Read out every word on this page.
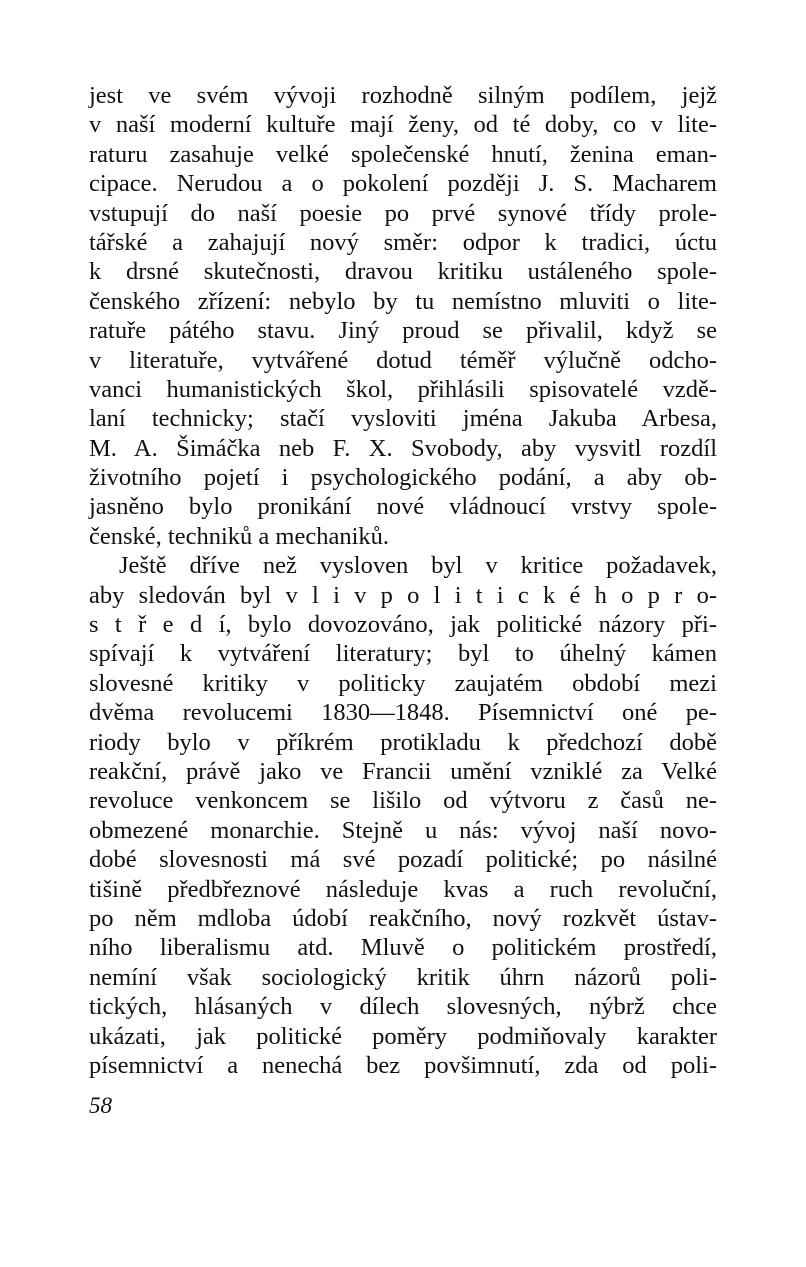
jest ve svém vývoji rozhodně silným podílem, jejž
v naší moderní kultuře mají ženy, od té doby, co v lite-
raturu zasahuje velké společenské hnutí, ženina eman-
cipace. Nerudou a o pokolení později J. S. Macharem
vstupují do naší poesie po prvé synové třídy prole-
tářské a zahajují nový směr: odpor k tradici, úctu
k drsné skutečnosti, dravou kritiku ustáleného spole-
čenského zřízení: nebylo by tu nemístno mluviti o lite-
ratuře pátého stavu. Jiný proud se přivalil, když se
v literatuře, vytvářené dotud téměř výlučně odcho-
vanci humanistických škol, přihlásili spisovatelé vzdě-
laní technicky; stačí vysloviti jména Jakuba Arbesa,
M. A. Šimáčka neb F. X. Svobody, aby vysvitl rozdíl
životního pojetí i psychologického podání, a aby ob-
jasněno bylo pronikání nové vládnoucí vrstvy spole-
čenské, techniků a mechaniků.
Ještě dříve než vysloven byl v kritice požadavek,
aby sledován byl v l i v p o l i t i c k é h o p r o-
s t ř e d í, bylo dovozováno, jak politické názory při-
spívají k vytváření literatury; byl to úhelný kámen
slovesné kritiky v politicky zaujatém období mezi
dvěma revolucemi 1830—1848. Písemnictví oné pe-
riody bylo v příkrém protikladu k předchozí době
reakční, právě jako ve Francii umění vzniklé za Velké
revoluce venkoncem se lišilo od výtvoru z časů ne-
obmezené monarchie. Stejně u nás: vývoj naší novo-
dobé slovesnosti má své pozadí politické; po násilné
tišině předbřeznové následuje kvas a ruch revoluční,
po něm mdloba údobí reakčního, nový rozkvět ústav-
ního liberalismu atd. Mluvě o politickém prostředí,
nemíní však sociologický kritik úhrn názorů poli-
tických, hlásaných v dílech slovesných, nýbrž chce
ukázati, jak politické poměry podmiňovaly karakter
písemnictví a nenechá bez povšimnutí, zda od poli-
58
